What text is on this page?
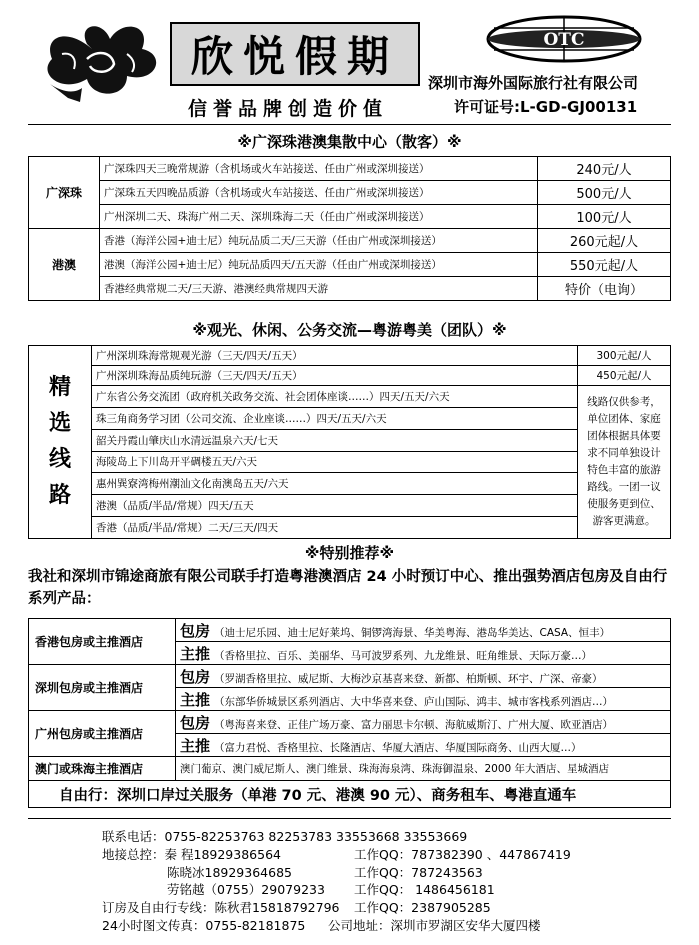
欣悦假期
信誉品牌创造价值
OTC
深圳市海外国际旅行社有限公司
许可证号:L-GD-GJ00131
※广深珠港澳集散中心（散客）※
广深珠	广深珠四天三晚常规游（含机场或火车站接送、任由广州或深圳接送）	240元/人
	广深珠五天四晚品质游（含机场或火车站接送、任由广州或深圳接送）	500元/人
	广州深圳二天、珠海广州二天、深圳珠海二天（任由广州或深圳接送）	100元/人
港澳	香港（海洋公园+迪士尼）纯玩品质二天/三天游（任由广州或深圳接送）	260元起/人
	港澳（海洋公园+迪士尼）纯玩品质四天/五天游（任由广州或深圳接送）	550元起/人
	香港经典常规二天/三天游、港澳经典常规四天游	特价（电询）
※观光、休闲、公务交流—粤游粤美（团队）※
精
选
线
路	广州深圳珠海常规观光游（三天/四天/五天）	300元起/人
	广州深圳珠海品质纯玩游（三天/四天/五天）	450元起/人
	广东省公务交流团（政府机关政务交流、社会团体座谈……）四天/五天/六天	线路仅供参考，单位团体、家庭团体根据具体要求不同单独设计特色丰富的旅游路线。一团一议使服务更到位、游客更满意。
	珠三角商务学习团（公司交流、企业座谈……）四天/五天/六天	
	韶关丹霞山肇庆山水清远温泉六天/七天	
	海陵岛上下川岛开平碉楼五天/六天	
	惠州巽寮湾梅州潮汕文化南澳岛五天/六天	
	港澳（品质/半品/常规）四天/五天	
	香港（品质/半品/常规）二天/三天/四天	
※特别推荐※
我社和深圳市锦途商旅有限公司联手打造粤港澳酒店 24 小时预订中心、推出强势酒店包房及自由行系列产品：
香港包房或主推酒店	包房 （迪士尼乐园、迪士尼好莱坞、铜锣湾海景、华美粤海、港岛华美达、CASA、恒丰）
	主推 （香格里拉、百乐、美丽华、马可波罗系列、九龙维景、旺角维景、天际万豪…）
深圳包房或主推酒店	包房 （罗湖香格里拉、威尼斯、大梅沙京基喜来登、新都、柏斯顿、环宇、广深、帝豪）
	主推 （东部华侨城景区系列酒店、大中华喜来登、庐山国际、鸿丰、城市客栈系列酒店…）
广州包房或主推酒店	包房 （粤海喜来登、正佳广场万豪、富力丽思卡尔顿、海航威斯汀、广州大厦、欧亚酒店）
	主推 （富力君悦、香格里拉、长隆酒店、华厦大酒店、华厦国际商务、山西大厦…）
澳门或珠海主推酒店	澳门葡京、澳门威尼斯人、澳门维景、珠海海泉湾、珠海御温泉、2000 年大酒店、星城酒店
自由行：深圳口岸过关服务（单港 70 元、港澳 90 元）、商务租车、粤港直通车	
联系电话：0755-82253763 82253783 33553668 33553669
地接总控：秦 程18929386564	工作QQ：787382390 、447867419
陈晓冰18929364685	工作QQ：787243563
劳铭越（0755）29079233 工作QQ： 1486456181
订房及自由行专线：陈秋君15818792796 工作QQ：2387905285
24小时图文传真：0755-82181875 公司地址：深圳市罗湖区安华大厦四楼
